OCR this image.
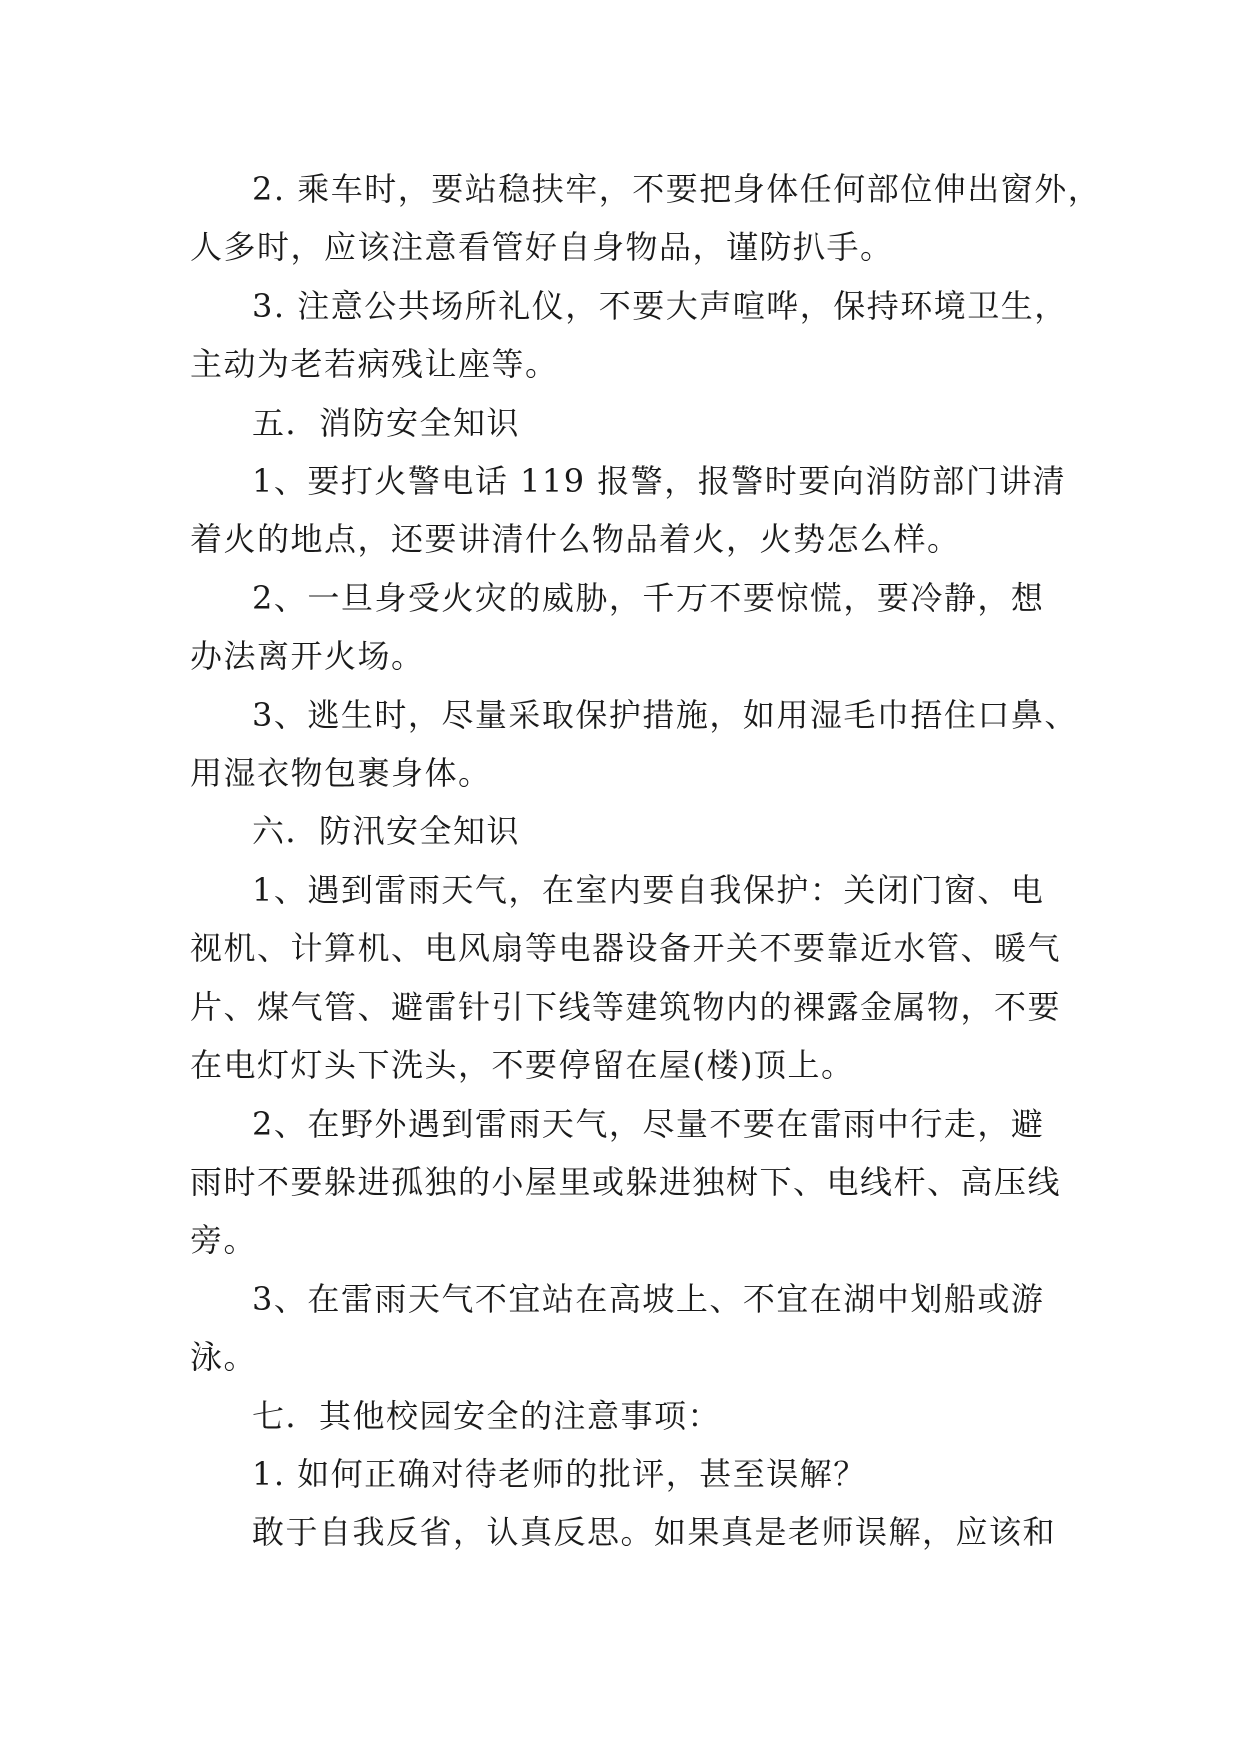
2. 乘车时，要站稳扶牢，不要把身体任何部位伸出窗外，

人多时，应该注意看管好自身物品，谨防扒手。

3. 注意公共场所礼仪，不要大声喧哗，保持环境卫生，

主动为老若病残让座等。

五．消防安全知识

1、要打火警电话 119 报警，报警时要向消防部门讲清

着火的地点，还要讲清什么物品着火，火势怎么样。

2、一旦身受火灾的威胁，千万不要惊慌，要冷静，想

办法离开火场。

3、逃生时，尽量采取保护措施，如用湿毛巾捂住口鼻、

用湿衣物包裹身体。

六．防汛安全知识

1、遇到雷雨天气，在室内要自我保护：关闭门窗、电

视机、计算机、电风扇等电器设备开关不要靠近水管、暖气

片、煤气管、避雷针引下线等建筑物内的裸露金属物，不要

在电灯灯头下洗头，不要停留在屋(楼)顶上。

2、在野外遇到雷雨天气，尽量不要在雷雨中行走，避

雨时不要躲进孤独的小屋里或躲进独树下、电线杆、高压线

旁。

3、在雷雨天气不宜站在高坡上、不宜在湖中划船或游

泳。

七．其他校园安全的注意事项：

1. 如何正确对待老师的批评，甚至误解？

敢于自我反省，认真反思。如果真是老师误解，应该和
